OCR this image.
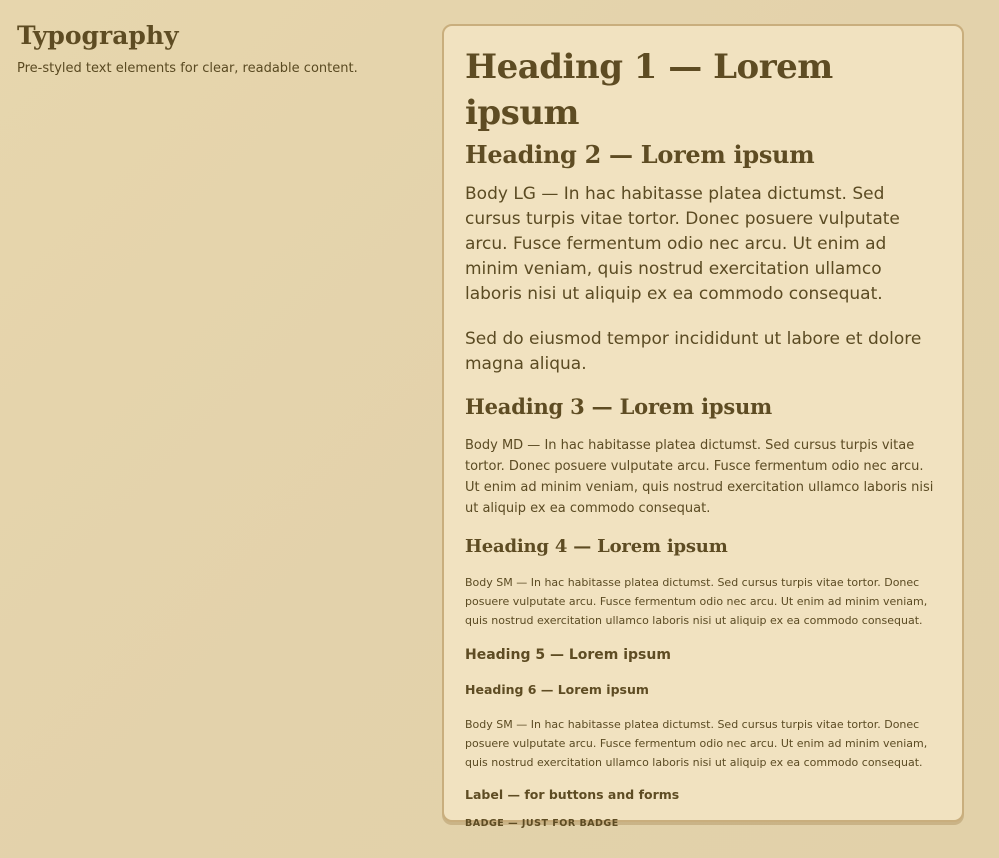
Typography
Pre-styled text elements for clear, readable content.	Heading 1 — Lorem ipsum
Heading 2 — Lorem ipsum

Body LG — In hac habitasse platea dictumst. Sed cursus turpis vitae tortor. Donec posuere vulputate arcu. Fusce fermentum odio nec arcu. Ut enim ad minim veniam, quis nostrud exercitation ullamco laboris nisi ut aliquip ex ea commodo consequat.

Sed do eiusmod tempor incididunt ut labore et dolore magna aliqua.

Heading 3 — Lorem ipsum

Body MD — In hac habitasse platea dictumst. Sed cursus turpis vitae tortor. Donec posuere vulputate arcu. Fusce fermentum odio nec arcu. Ut enim ad minim veniam, quis nostrud exercitation ullamco laboris nisi ut aliquip ex ea commodo consequat.

Heading 4 — Lorem ipsum

Body SM — In hac habitasse platea dictumst. Sed cursus turpis vitae tortor. Donec posuere vulputate arcu. Fusce fermentum odio nec arcu. Ut enim ad minim veniam, quis nostrud exercitation ullamco laboris nisi ut aliquip ex ea commodo consequat.

Heading 5 — Lorem ipsum
Heading 6 — Lorem ipsum

Body SM — In hac habitasse platea dictumst. Sed cursus turpis vitae tortor. Donec posuere vulputate arcu. Fusce fermentum odio nec arcu. Ut enim ad minim veniam, quis nostrud exercitation ullamco laboris nisi ut aliquip ex ea commodo consequat.

Label — for buttons and forms
BADGE — JUST FOR BADGE
